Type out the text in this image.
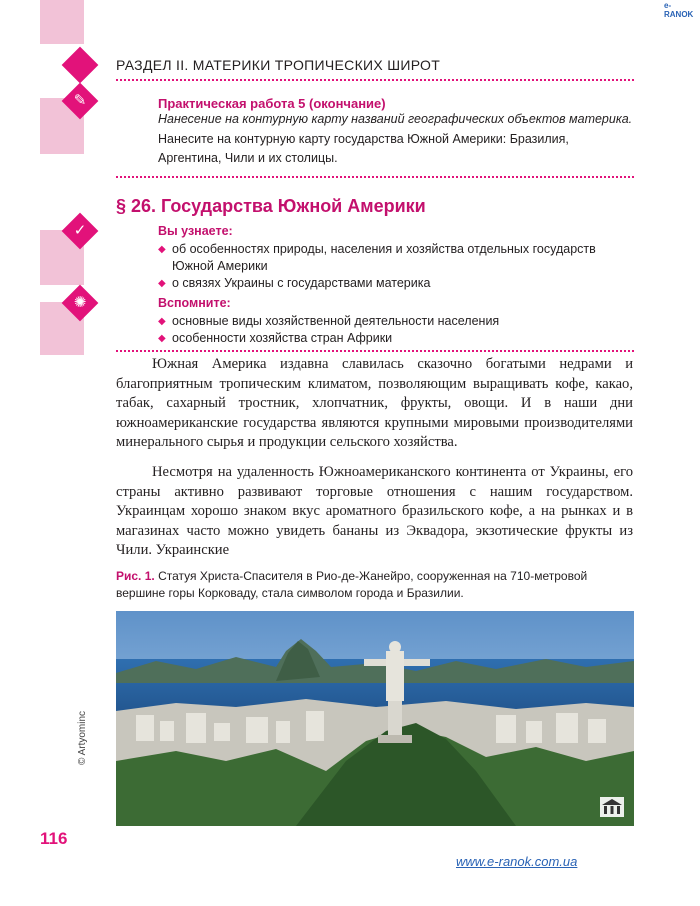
✎
✓
✺
РАЗДЕЛ II. МАТЕРИКИ ТРОПИЧЕСКИХ ШИРОТ
Практическая работа 5 (окончание)
Нанесение на контурную карту названий географических объектов материка.
Нанесите на контурную карту государства Южной Америки: Бразилия, Аргентина, Чили и их столицы.
§ 26. Государства Южной Америки
Вы узнаете:
◆ об особенностях природы, населения и хозяйства отдельных государств Южной Америки
◆ о связях Украины с государствами материка
Вспомните:
◆ основные виды хозяйственной деятельности населения
◆ особенности хозяйства стран Африки

Южная Америка издавна славилась сказочно богатыми недрами и благоприятным тропическим климатом, позволяющим выращивать кофе, какао, табак, сахарный тростник, хлопчатник, фрукты, овощи. И в наши дни южноамериканские государства являются крупными мировыми производителями минерального сырья и продукции сельского хозяйства.

Несмотря на удаленность Южноамериканского континента от Украины, его страны активно развивают торговые отношения с нашим государством. Украинцам хорошо знаком вкус ароматного бразильского кофе, а на рынках и в магазинах часто можно увидеть бананы из Эквадора, экзотические фрукты из Чили. Украинские

Рис. 1. Статуя Христа-Спасителя в Рио-де-Жанейро, сооруженная на 710-метровой вершине горы Корковаду, стала символом города и Бразилии.
© Artyominc
116
www.e-ranok.com.ua
e-RANOK
